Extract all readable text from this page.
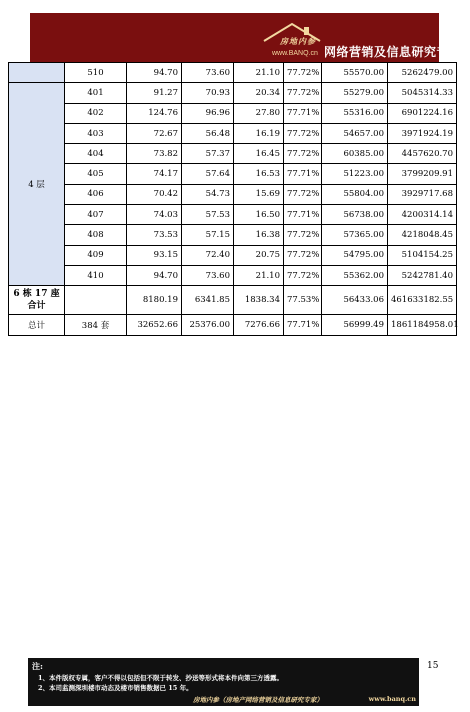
房地内参
www.BANQ.cn 网络营销及信息研究专家
	510	94.70	73.60	21.10	77.72%	55570.00	5262479.00
4 层	401	91.27	70.93	20.34	77.72%	55279.00	5045314.33
	402	124.76	96.96	27.80	77.71%	55316.00	6901224.16
	403	72.67	56.48	16.19	77.72%	54657.00	3971924.19
	404	73.82	57.37	16.45	77.72%	60385.00	4457620.70
	405	74.17	57.64	16.53	77.71%	51223.00	3799209.91
	406	70.42	54.73	15.69	77.72%	55804.00	3929717.68
	407	74.03	57.53	16.50	77.71%	56738.00	4200314.14
	408	73.53	57.15	16.38	77.72%	57365.00	4218048.45
	409	93.15	72.40	20.75	77.72%	54795.00	5104154.25
	410	94.70	73.60	21.10	77.72%	55362.00	5242781.40
6 栋 17 座合计		8180.19	6341.85	1838.34	77.53%	56433.06	461633182.55
总计	384 套	32652.66	25376.00	7276.66	77.71%	56999.49	1861184958.01
15
注:
1、本件版权专属，客户不得以包括但不限于转发、抄送等形式将本件向第三方透露。
2、本司监测深圳楼市动态及楼市销售数据已 15 年。
房地内参（房地产网络营销及信息研究专家）	www.banq.cn
